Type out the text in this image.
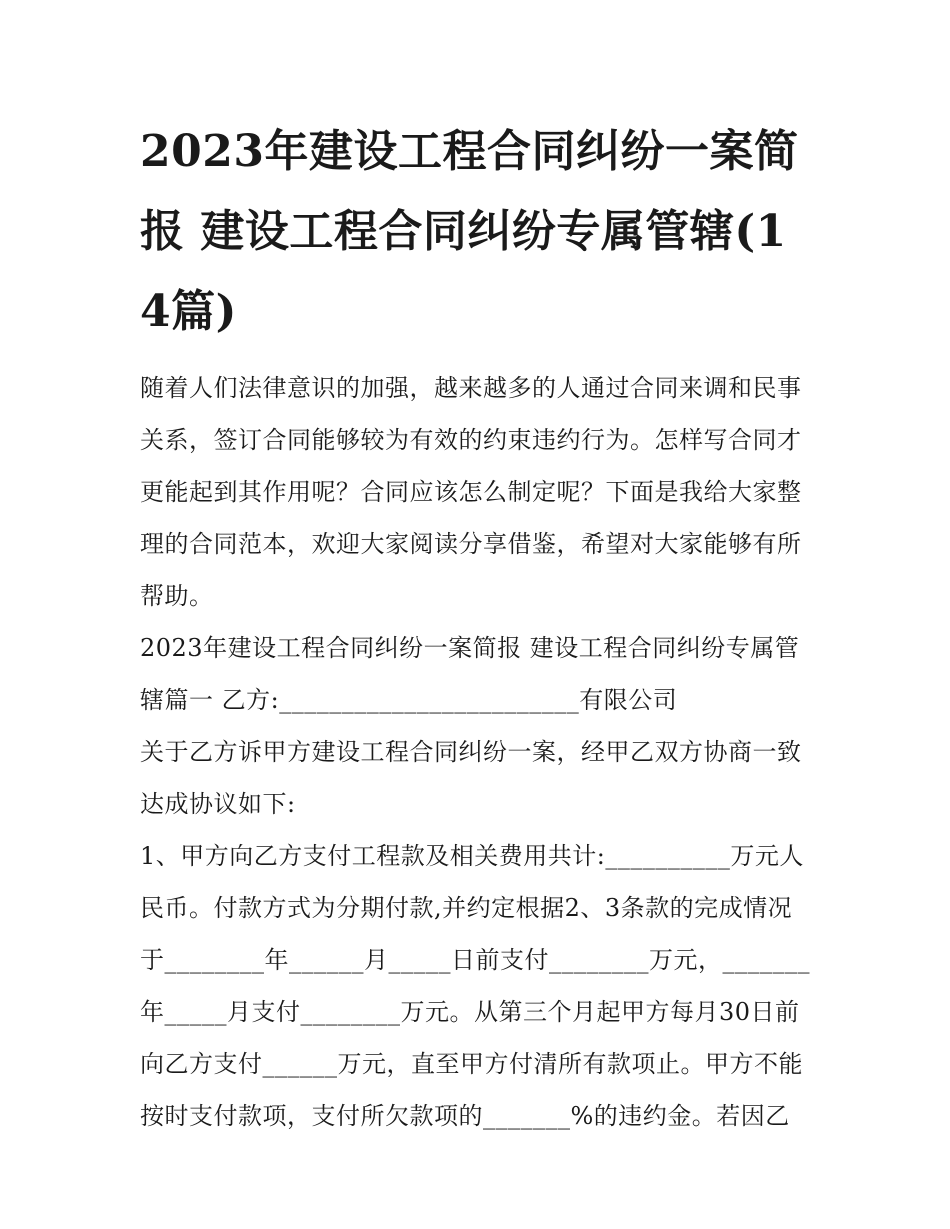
2023年建设工程合同纠纷一案简报 建设工程合同纠纷专属管辖(14篇)

随着人们法律意识的加强，越来越多的人通过合同来调和民事关系，签订合同能够较为有效的约束违约行为。怎样写合同才更能起到其作用呢？合同应该怎么制定呢？下面是我给大家整理的合同范本，欢迎大家阅读分享借鉴，希望对大家能够有所帮助。

2023年建设工程合同纠纷一案简报 建设工程合同纠纷专属管辖篇一 乙方:________________________有限公司

关于乙方诉甲方建设工程合同纠纷一案，经甲乙双方协商一致达成协议如下:

1、甲方向乙方支付工程款及相关费用共计:__________万元人民币。付款方式为分期付款,并约定根据2、3条款的完成情况于________年______月_____日前支付________万元，_______年_____月支付________万元。从第三个月起甲方每月30日前向乙方支付______万元，直至甲方付清所有款项止。甲方不能按时支付款项，支付所欠款项的_______%的违约金。若因乙
